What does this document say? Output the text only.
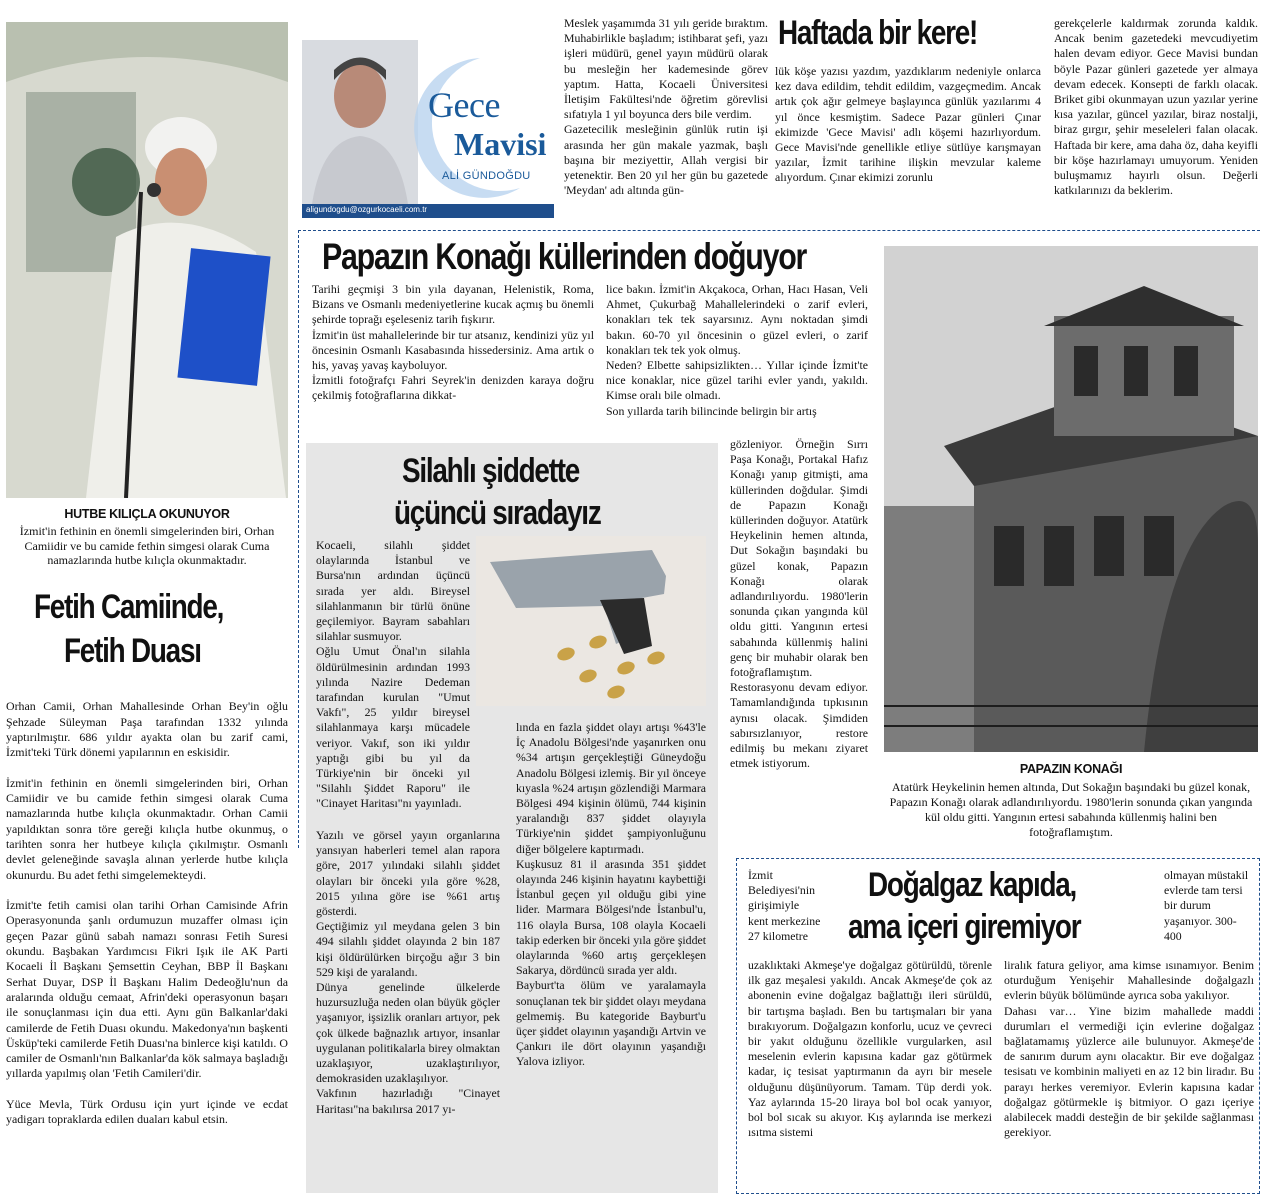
HUTBE KILIÇLA OKUNUYOR
İzmit'in fethinin en önemli simgelerinden biri, Orhan Camiidir ve bu camide fethin simgesi olarak Cuma namazlarında hutbe kılıçla okunmaktadır.
Fetih Camiinde,
Fetih Duası

Orhan Camii, Orhan Mahallesinde Orhan Bey'in oğlu Şehzade Süleyman Paşa tarafından 1332 yılında yaptırılmıştır. 686 yıldır ayakta olan bu zarif cami, İzmit'teki Türk dönemi yapılarının en eskisidir.

İzmit'in fethinin en önemli simgelerinden biri, Orhan Camiidir ve bu camide fethin simgesi olarak Cuma namazlarında hutbe kılıçla okunmaktadır. Orhan Camii yapıldıktan sonra töre gereği kılıçla hutbe okunmuş, o tarihten sonra her hutbeye kılıçla çıkılmıştır. Osmanlı devlet geleneğinde savaşla alınan yerlerde hutbe kılıçla okunurdu. Bu adet fethi simgelemekteydi.

İzmit'te fetih camisi olan tarihi Orhan Camisinde Afrin Operasyonunda şanlı ordumuzun muzaffer olması için geçen Pazar günü sabah namazı sonrası Fetih Suresi okundu. Başbakan Yardımcısı Fikri Işık ile AK Parti Kocaeli İl Başkanı Şemsettin Ceyhan, BBP İl Başkanı Serhat Duyar, DSP İl Başkanı Halim Dedeoğlu'nun da aralarında olduğu cemaat, Afrin'deki operasyonun başarı ile sonuçlanması için dua etti. Aynı gün Balkanlar'daki camilerde de Fetih Duası okundu. Makedonya'nın başkenti Üsküp'teki camilerde Fetih Duası'na binlerce kişi katıldı. O camiler de Osmanlı'nın Balkanlar'da kök salmaya başladığı yıllarda yapılmış olan 'Fetih Camileri'dir.

Yüce Mevla, Türk Ordusu için yurt içinde ve ecdat yadigarı topraklarda edilen duaları kabul etsin.

Gece
Mavisi
ALİ GÜNDOĞDU
aligundogdu@ozgurkocaeli.com.tr
Meslek yaşamımda 31 yılı geride bıraktım. Muhabirlikle başladım; istihbarat şefi, yazı işleri müdürü, genel yayın müdürü olarak bu mesleğin her kademesinde görev yaptım. Hatta, Kocaeli Üniversitesi İletişim Fakültesi'nde öğretim görevlisi sıfatıyla 1 yıl boyunca ders bile verdim.
Gazetecilik mesleğinin günlük rutin işi arasında her gün makale yazmak, başlı başına bir meziyettir, Allah vergisi bir yetenektir. Ben 20 yıl her gün bu gazetede 'Meydan' adı altında gün-
Haftada bir kere!
lük köşe yazısı yazdım, yazdıklarım nedeniyle onlarca kez dava edildim, tehdit edildim, vazgeçmedim. Ancak artık çok ağır gelmeye başlayınca günlük yazılarımı 4 yıl önce kesmiştim. Sadece Pazar günleri Çınar ekimizde 'Gece Mavisi' adlı köşemi hazırlıyordum. Gece Mavisi'nde genellikle etliye sütlüye karışmayan yazılar, İzmit tarihine ilişkin mevzular kaleme alıyordum. Çınar ekimizi zorunlu
gerekçelerle kaldırmak zorunda kaldık. Ancak benim gazetedeki mevcudiyetim halen devam ediyor. Gece Mavisi bundan böyle Pazar günleri gazetede yer almaya devam edecek. Konsepti de farklı olacak. Briket gibi okunmayan uzun yazılar yerine kısa yazılar, güncel yazılar, biraz nostalji, biraz gırgır, şehir meseleleri falan olacak. Haftada bir kere, ama daha öz, daha keyifli bir köşe hazırlamayı umuyorum. Yeniden buluşmamız hayırlı olsun. Değerli katkılarınızı da beklerim.
Papazın Konağı küllerinden doğuyor
Tarihi geçmişi 3 bin yıla dayanan, Helenistik, Roma, Bizans ve Osmanlı medeniyetlerine kucak açmış bu önemli şehirde toprağı eşeleseniz tarih fışkırır.
İzmit'in üst mahallelerinde bir tur atsanız, kendinizi yüz yıl öncesinin Osmanlı Kasabasında hissedersiniz. Ama artık o his, yavaş yavaş kayboluyor.
İzmitli fotoğrafçı Fahri Seyrek'in denizden karaya doğru çekilmiş fotoğraflarına dikkat-
lice bakın. İzmit'in Akçakoca, Orhan, Hacı Hasan, Veli Ahmet, Çukurbağ Mahallelerindeki o zarif evleri, konakları tek tek sayarsınız. Aynı noktadan şimdi bakın. 60-70 yıl öncesinin o güzel evleri, o zarif konakları tek tek yok olmuş.
Neden? Elbette sahipsizlikten… Yıllar içinde İzmit'te nice konaklar, nice güzel tarihi evler yandı, yakıldı. Kimse oralı bile olmadı.
Son yıllarda tarih bilincinde belirgin bir artış
gözleniyor. Örneğin Sırrı Paşa Konağı, Portakal Hafız Konağı yanıp gitmişti, ama küllerinden doğdular. Şimdi de Papazın Konağı küllerinden doğuyor. Atatürk Heykelinin hemen altında, Dut Sokağın başındaki bu güzel konak, Papazın Konağı olarak adlandırılıyordu. 1980'lerin sonunda çıkan yangında kül oldu gitti. Yangının ertesi sabahında küllenmiş halini genç bir muhabir olarak ben fotoğraflamıştım. Restorasyonu devam ediyor. Tamamlandığında tıpkısının aynısı olacak. Şimdiden sabırsızlanıyor, restore edilmiş bu mekanı ziyaret etmek istiyorum.	PAPAZIN KONAĞI
Atatürk Heykelinin hemen altında, Dut Sokağın başındaki bu güzel konak, Papazın Konağı olarak adlandırılıyordu. 1980'lerin sonunda çıkan yangında kül oldu gitti. Yangının ertesi sabahında küllenmiş halini ben fotoğraflamıştım.
Silahlı şiddette
üçüncü sıradayız
Kocaeli, silahlı şiddet olaylarında İstanbul ve Bursa'nın ardından üçüncü sırada yer aldı. Bireysel silahlanmanın bir türlü önüne geçilemiyor. Bayram sabahları silahlar susmuyor.
Oğlu Umut Önal'ın silahla öldürülmesinin ardından 1993 yılında Nazire Dedeman tarafından kurulan "Umut Vakfı", 25 yıldır bireysel silahlanmaya karşı mücadele veriyor. Vakıf, son iki yıldır yaptığı gibi bu yıl da Türkiye'nin bir önceki yıl "Silahlı Şiddet Raporu" ile "Cinayet Haritası"nı yayınladı.
Yazılı ve görsel yayın organlarına yansıyan haberleri temel alan rapora göre, 2017 yılındaki silahlı şiddet olayları bir önceki yıla göre %28, 2015 yılına göre ise %61 artış gösterdi.
Geçtiğimiz yıl meydana gelen 3 bin 494 silahlı şiddet olayında 2 bin 187 kişi öldürülürken birçoğu ağır 3 bin 529 kişi de yaralandı.
Dünya genelinde ülkelerde huzursuzluğa neden olan büyük göçler yaşanıyor, işsizlik oranları artıyor, pek çok ülkede bağnazlık artıyor, insanlar uygulanan politikalarla birey olmaktan uzaklaşıyor, uzaklaştırılıyor, demokrasiden uzaklaşılıyor.
Vakfının hazırladığı "Cinayet Haritası"na bakılırsa 2017 yı-
lında en fazla şiddet olayı artışı %43'le İç Anadolu Bölgesi'nde yaşanırken onu %34 artışın gerçekleştiği Güneydoğu Anadolu Bölgesi izlemiş. Bir yıl önceye kıyasla %24 artışın gözlendiği Marmara Bölgesi 494 kişinin ölümü, 744 kişinin yaralandığı 837 şiddet olayıyla Türkiye'nin şiddet şampiyonluğunu diğer bölgelere kaptırmadı.
Kuşkusuz 81 il arasında 351 şiddet olayında 246 kişinin hayatını kaybettiği İstanbul geçen yıl olduğu gibi yine lider. Marmara Bölgesi'nde İstanbul'u, 116 olayla Bursa, 108 olayla Kocaeli takip ederken bir önceki yıla göre şiddet olaylarında %60 artış gerçekleşen Sakarya, dördüncü sırada yer aldı.
Bayburt'ta ölüm ve yaralamayla sonuçlanan tek bir şiddet olayı meydana gelmemiş. Bu kategoride Bayburt'u üçer şiddet olayının yaşandığı Artvin ve Çankırı ile dört olayının yaşandığı Yalova izliyor.
İzmit Belediyesi'nin girişimiyle kent merkezine 27 kilometre
Doğalgaz kapıda,
ama içeri giremiyor
olmayan müstakil evlerde tam tersi bir durum yaşanıyor. 300-400
uzaklıktaki Akmeşe'ye doğalgaz götürüldü, törenle ilk gaz meşalesi yakıldı. Ancak Akmeşe'de çok az abonenin evine doğalgaz bağlattığı ileri sürüldü, bir tartışma başladı. Ben bu tartışmaları bir yana bırakıyorum. Doğalgazın konforlu, ucuz ve çevreci bir yakıt olduğunu özellikle vurgularken, asıl meselenin evlerin kapısına kadar gaz götürmek kadar, iç tesisat yaptırmanın da ayrı bir mesele olduğunu düşünüyorum. Tamam. Tüp derdi yok. Yaz aylarında 15-20 liraya bol bol ocak yanıyor, bol bol sıcak su akıyor. Kış aylarında ise merkezi ısıtma sistemi
liralık fatura geliyor, ama kimse ısınamıyor. Benim oturduğum Yenişehir Mahallesinde doğalgazlı evlerin büyük bölümünde ayrıca soba yakılıyor.
Dahası var… Yine bizim mahallede maddi durumları el vermediği için evlerine doğalgaz bağlatamamış yüzlerce aile bulunuyor. Akmeşe'de de sanırım durum aynı olacaktır. Bir eve doğalgaz tesisatı ve kombinin maliyeti en az 12 bin liradır. Bu parayı herkes veremiyor. Evlerin kapısına kadar doğalgaz götürmekle iş bitmiyor. O gazı içeriye alabilecek maddi desteğin de bir şekilde sağlanması gerekiyor.
